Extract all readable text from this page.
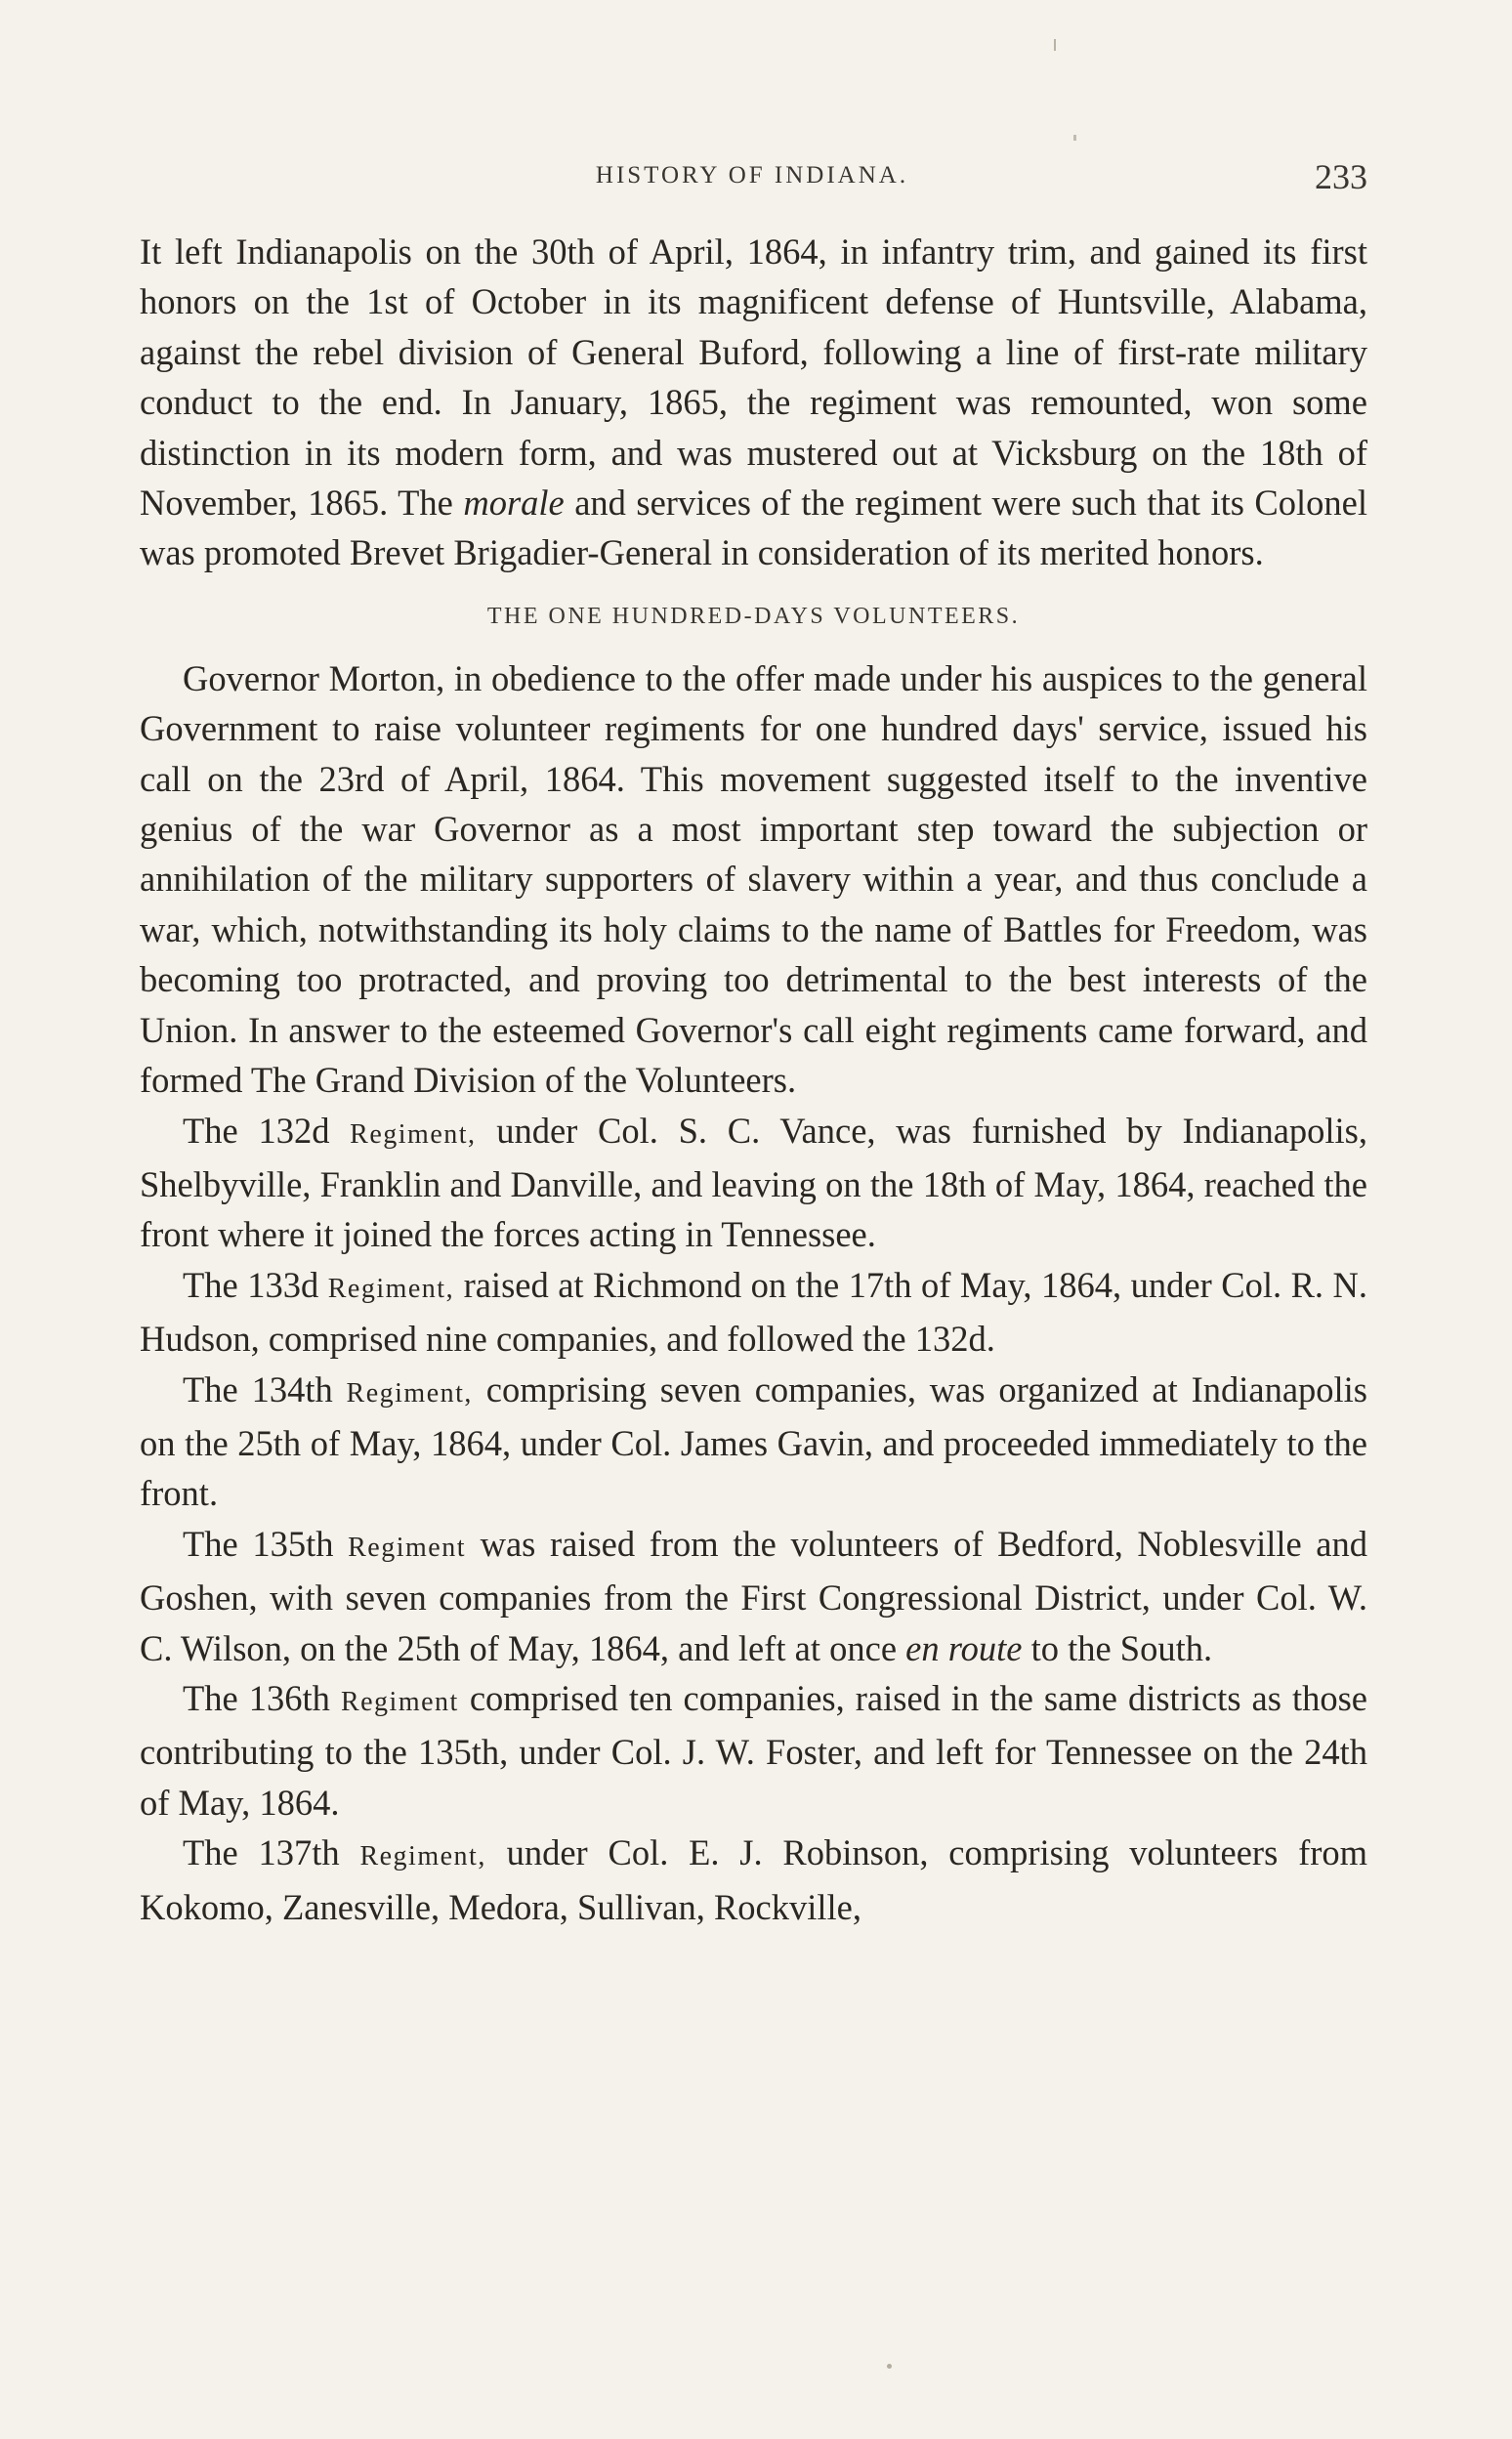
HISTORY OF INDIANA.	233

It left Indianapolis on the 30th of April, 1864, in infantry trim, and gained its first honors on the 1st of October in its magnificent defense of Huntsville, Alabama, against the rebel division of General Buford, following a line of first-rate military conduct to the end. In January, 1865, the regiment was remounted, won some distinction in its modern form, and was mustered out at Vicksburg on the 18th of November, 1865. The morale and services of the regiment were such that its Colonel was promoted Brevet Brigadier-General in consideration of its merited honors.

THE ONE HUNDRED-DAYS VOLUNTEERS.

Governor Morton, in obedience to the offer made under his auspices to the general Government to raise volunteer regiments for one hundred days' service, issued his call on the 23rd of April, 1864. This movement suggested itself to the inventive genius of the war Governor as a most important step toward the subjection or annihilation of the military supporters of slavery within a year, and thus conclude a war, which, notwithstanding its holy claims to the name of Battles for Freedom, was becoming too protracted, and proving too detrimental to the best interests of the Union. In answer to the esteemed Governor's call eight regiments came forward, and formed The Grand Division of the Volunteers.

The 132d Regiment, under Col. S. C. Vance, was furnished by Indianapolis, Shelbyville, Franklin and Danville, and leaving on the 18th of May, 1864, reached the front where it joined the forces acting in Tennessee.

The 133d Regiment, raised at Richmond on the 17th of May, 1864, under Col. R. N. Hudson, comprised nine companies, and followed the 132d.

The 134th Regiment, comprising seven companies, was organized at Indianapolis on the 25th of May, 1864, under Col. James Gavin, and proceeded immediately to the front.

The 135th Regiment was raised from the volunteers of Bedford, Noblesville and Goshen, with seven companies from the First Congressional District, under Col. W. C. Wilson, on the 25th of May, 1864, and left at once en route to the South.

The 136th Regiment comprised ten companies, raised in the same districts as those contributing to the 135th, under Col. J. W. Foster, and left for Tennessee on the 24th of May, 1864.

The 137th Regiment, under Col. E. J. Robinson, comprising volunteers from Kokomo, Zanesville, Medora, Sullivan, Rockville,
